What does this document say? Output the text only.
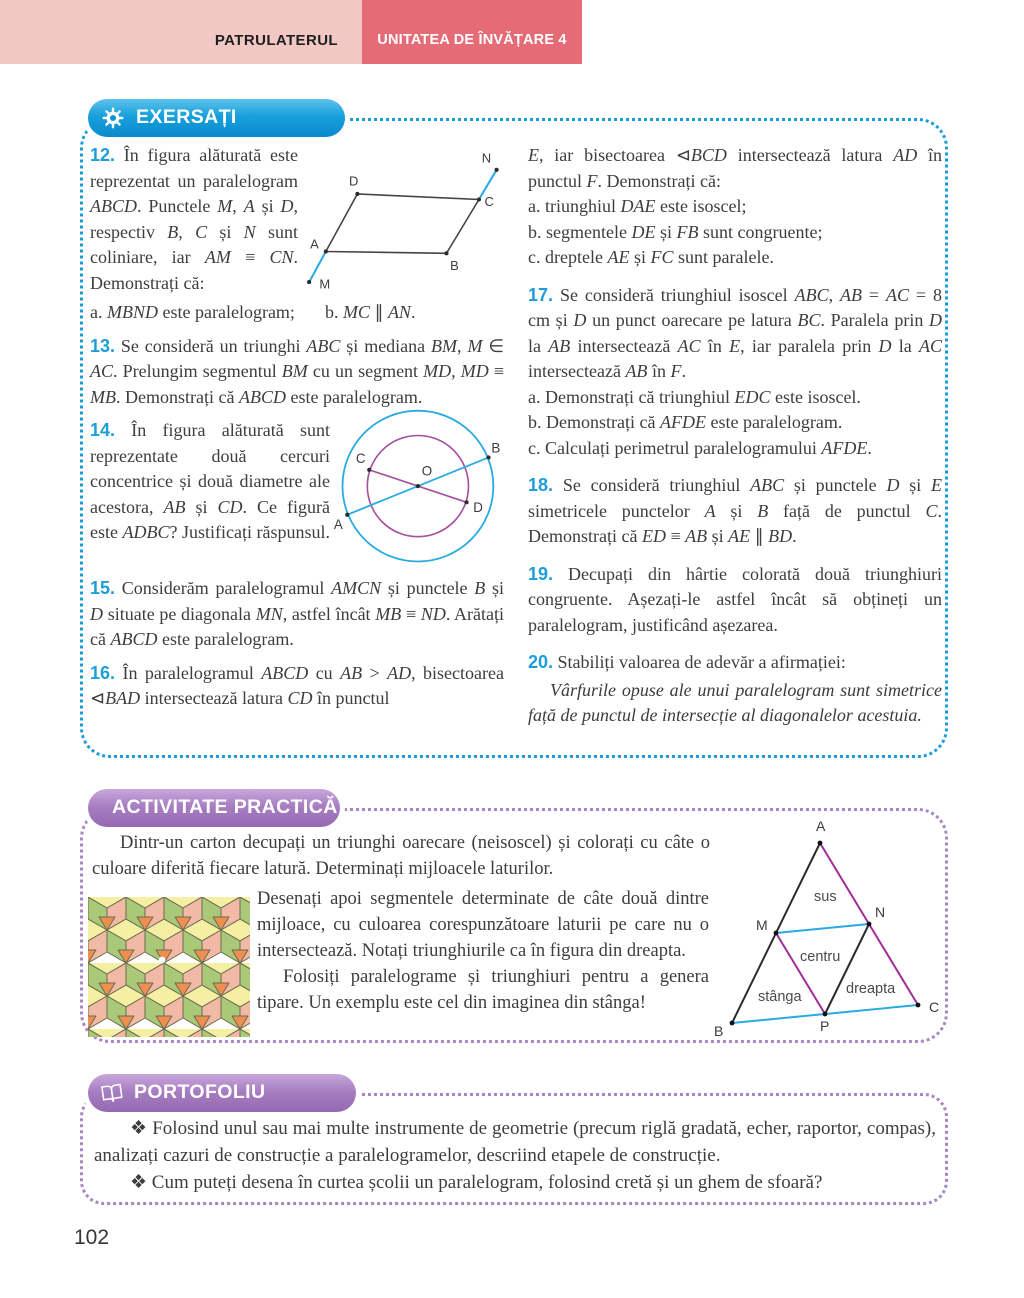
PATRULATERUL	UNITATEA DE ÎNVĂȚARE 4
EXERSAȚI
12. În figura alăturată este reprezentat un paralelogram ABCD. Punctele M, A și D, respectiv B, C și N sunt coliniare, iar AM ≡ CN. Demonstrați că:
N
D
C
A
B
M
a. MBND este paralelogram; b. MC ∥ AN.

13. Se consideră un triunghi ABC și mediana BM, M ∈ AC. Prelungim segmentul BM cu un segment MD, MD ≡ MB. Demonstrați că ABCD este paralelogram.

14. În figura alăturată sunt reprezentate două cercuri concentrice și două diametre ale acestora, AB și CD. Ce figură este ADBC? Justificați răspunsul. A
B
C
D
O

15. Considerăm paralelogramul AMCN și punctele B și D situate pe diagonala MN, astfel încât MB ≡ ND. Arătați că ABCD este paralelogram.

16. În paralelogramul ABCD cu AB > AD, bisectoarea ⊲BAD intersectează latura CD în punctul

E, iar bisectoarea ⊲BCD intersectează latura AD în punctul F. Demonstrați că:

a. triunghiul DAE este isoscel;
b. segmentele DE și FB sunt congruente;
c. dreptele AE și FC sunt paralele.

17. Se consideră triunghiul isoscel ABC, AB = AC = 8 cm și D un punct oarecare pe latura BC. Paralela prin D la AB intersectează AC în E, iar paralela prin D la AC intersectează AB în F.

a. Demonstrați că triunghiul EDC este isoscel.
b. Demonstrați că AFDE este paralelogram.
c. Calculați perimetrul paralelogramului AFDE.

18. Se consideră triunghiul ABC și punctele D și E simetricele punctelor A și B față de punctul C. Demonstrați că ED ≡ AB și AE ∥ BD.

19. Decupați din hârtie colorată două triunghiuri congruente. Așezați-le astfel încât să obțineți un paralelogram, justificând așezarea.

20. Stabiliți valoarea de adevăr a afirmației:
Vârfurile opuse ale unui paralelogram sunt simetrice față de punctul de intersecție al diagonalelor acestuia.
ACTIVITATE PRACTICĂ
Dintr-un carton decupați un triunghi oarecare (neisoscel) și colorați cu câte o culoare diferită fiecare latură. Determinați mijloacele laturilor.

Desenați apoi segmentele determinate de câte două dintre mijloace, cu culoarea corespunzătoare laturii pe care nu o intersectează. Notați triunghiurile ca în figura din dreapta.

Folosiți paralelograme și triunghiuri pentru a genera tipare. Un exemplu este cel din imaginea din stânga!

A
B
C
M
N
P
sus
centru
stânga	dreapta
PORTOFOLIU

❖ Folosind unul sau mai multe instrumente de geometrie (precum riglă gradată, echer, raportor, compas), analizați cazuri de construcție a paralelogramelor, descriind etapele de construcție.

❖ Cum puteți desena în curtea școlii un paralelogram, folosind cretă și un ghem de sfoară?

102
